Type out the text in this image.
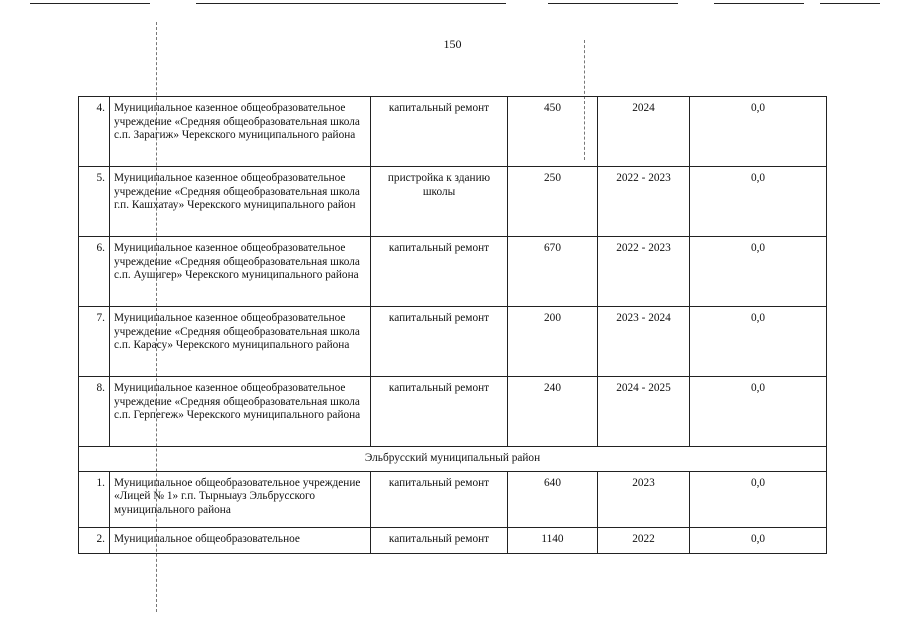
150
4.	Муниципальное казенное общеобразовательное учреждение «Средняя общеобразовательная школа с.п. Зарагиж» Черекского муниципального района	капитальный ремонт	450	2024	0,0
5.	Муниципальное казенное общеобразовательное учреждение «Средняя общеобразовательная школа г.п. Кашхатау» Черекского муниципального район	пристройка к зданию школы	250	2022 - 2023	0,0
6.	Муниципальное казенное общеобразовательное учреждение «Средняя общеобразовательная школа с.п. Аушигер» Черекского муниципального района	капитальный ремонт	670	2022 - 2023	0,0
7.	Муниципальное казенное общеобразовательное учреждение «Средняя общеобразовательная школа с.п. Карасу» Черекского муниципального района	капитальный ремонт	200	2023 - 2024	0,0
8.	Муниципальное казенное общеобразовательное учреждение «Средняя общеобразовательная школа с.п. Герпегеж» Черекского муниципального района	капитальный ремонт	240	2024 - 2025	0,0
Эльбрусский муниципальный район					
1.	Муниципальное общеобразовательное учреждение «Лицей № 1» г.п. Тырныауз Эльбрусского муниципального района	капитальный ремонт	640	2023	0,0
2.	Муниципальное общеобразовательное	капитальный ремонт	1140	2022	0,0
